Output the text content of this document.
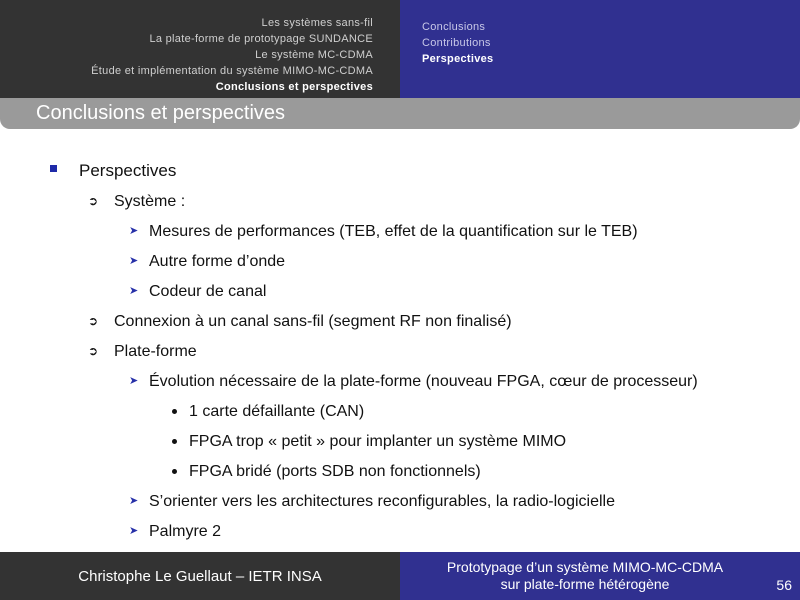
Les systèmes sans-fil
La plate-forme de prototypage SUNDANCE
Le système MC-CDMA
Étude et implémentation du système MIMO-MC-CDMA
Conclusions et perspectives
Conclusions
Contributions
Perspectives
Conclusions et perspectives
Perspectives
➲ Système :
➤ Mesures de performances (TEB, effet de la quantification sur le TEB)
➤ Autre forme d’onde
➤ Codeur de canal
➲ Connexion à un canal sans-fil (segment RF non finalisé)
➲ Plate-forme
➤ Évolution nécessaire de la plate-forme (nouveau FPGA, cœur de processeur)
1 carte défaillante (CAN)
FPGA trop « petit » pour implanter un système MIMO
FPGA bridé (ports SDB non fonctionnels)
➤ S’orienter vers les architectures reconfigurables, la radio-logicielle
➤ Palmyre 2
Christophe Le Guellaut – IETR INSA
Prototypage d’un système MIMO-MC-CDMA
sur plate-forme hétérogène	56
